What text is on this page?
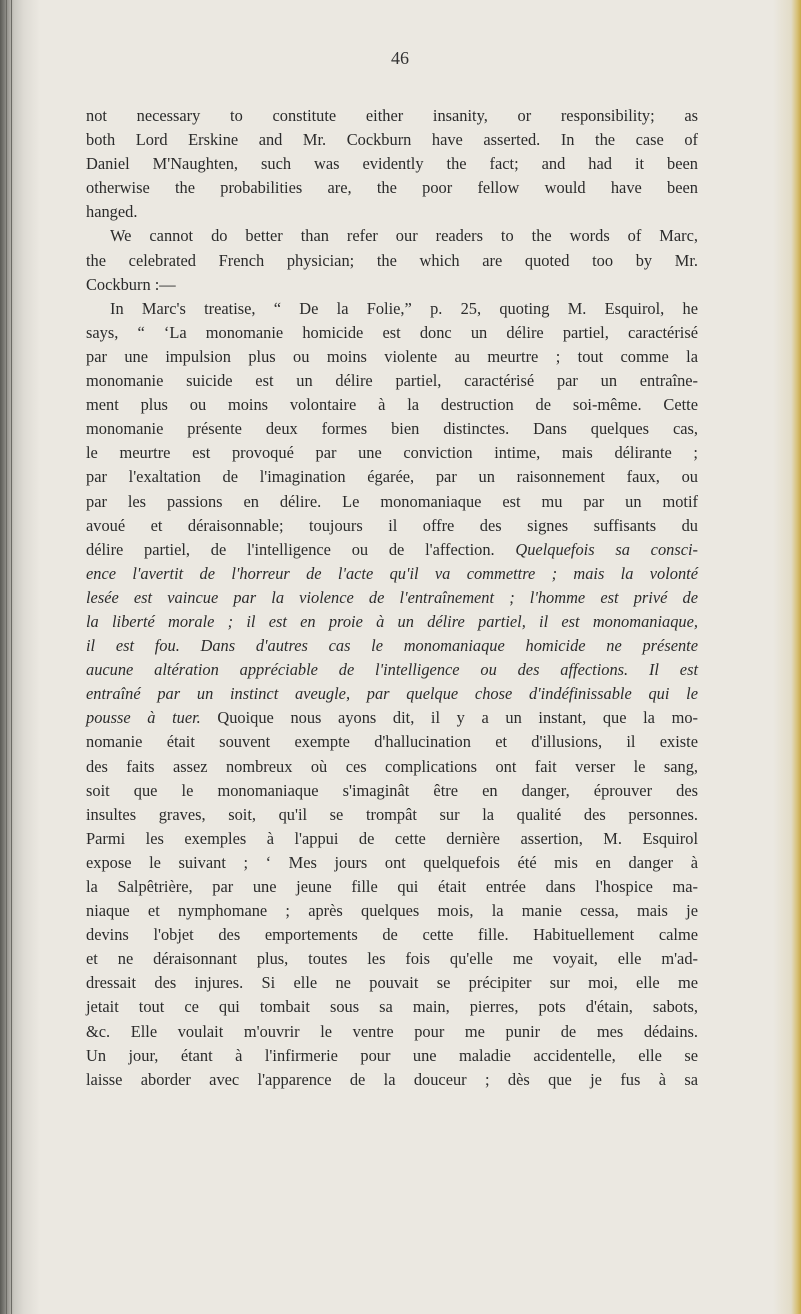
46
not necessary to constitute either insanity, or responsibility; as
both Lord Erskine and Mr. Cockburn have asserted. In the case of
Daniel M'Naughten, such was evidently the fact; and had it been
otherwise the probabilities are, the poor fellow would have been
hanged.
We cannot do better than refer our readers to the words of Marc,
the celebrated French physician; the which are quoted too by Mr.
Cockburn :—
In Marc's treatise, “ De la Folie,” p. 25, quoting M. Esquirol, he
says, “ ‘La monomanie homicide est donc un délire partiel, caractérisé
par une impulsion plus ou moins violente au meurtre ; tout comme la
monomanie suicide est un délire partiel, caractérisé par un entraîne-
ment plus ou moins volontaire à la destruction de soi-même. Cette
monomanie présente deux formes bien distinctes. Dans quelques cas,
le meurtre est provoqué par une conviction intime, mais délirante ;
par l'exaltation de l'imagination égarée, par un raisonnement faux, ou
par les passions en délire. Le monomaniaque est mu par un motif
avoué et déraisonnable; toujours il offre des signes suffisants du
délire partiel, de l'intelligence ou de l'affection. Quelquefois sa consci-
ence l'avertit de l'horreur de l'acte qu'il va commettre ; mais la volonté
lesée est vaincue par la violence de l'entraînement ; l'homme est privé de
la liberté morale ; il est en proie à un délire partiel, il est monomaniaque,
il est fou. Dans d'autres cas le monomaniaque homicide ne présente
aucune altération appréciable de l'intelligence ou des affections. Il est
entraîné par un instinct aveugle, par quelque chose d'indéfinissable qui le
pousse à tuer. Quoique nous ayons dit, il y a un instant, que la mo-
nomanie était souvent exempte d'hallucination et d'illusions, il existe
des faits assez nombreux où ces complications ont fait verser le sang,
soit que le monomaniaque s'imaginât être en danger, éprouver des
insultes graves, soit, qu'il se trompât sur la qualité des personnes.
Parmi les exemples à l'appui de cette dernière assertion, M. Esquirol
expose le suivant ; ‘ Mes jours ont quelquefois été mis en danger à
la Salpêtrière, par une jeune fille qui était entrée dans l'hospice ma-
niaque et nymphomane ; après quelques mois, la manie cessa, mais je
devins l'objet des emportements de cette fille. Habituellement calme
et ne déraisonnant plus, toutes les fois qu'elle me voyait, elle m'ad-
dressait des injures. Si elle ne pouvait se précipiter sur moi, elle me
jetait tout ce qui tombait sous sa main, pierres, pots d'étain, sabots,
&c. Elle voulait m'ouvrir le ventre pour me punir de mes dédains.
Un jour, étant à l'infirmerie pour une maladie accidentelle, elle se
laisse aborder avec l'apparence de la douceur ; dès que je fus à sa
